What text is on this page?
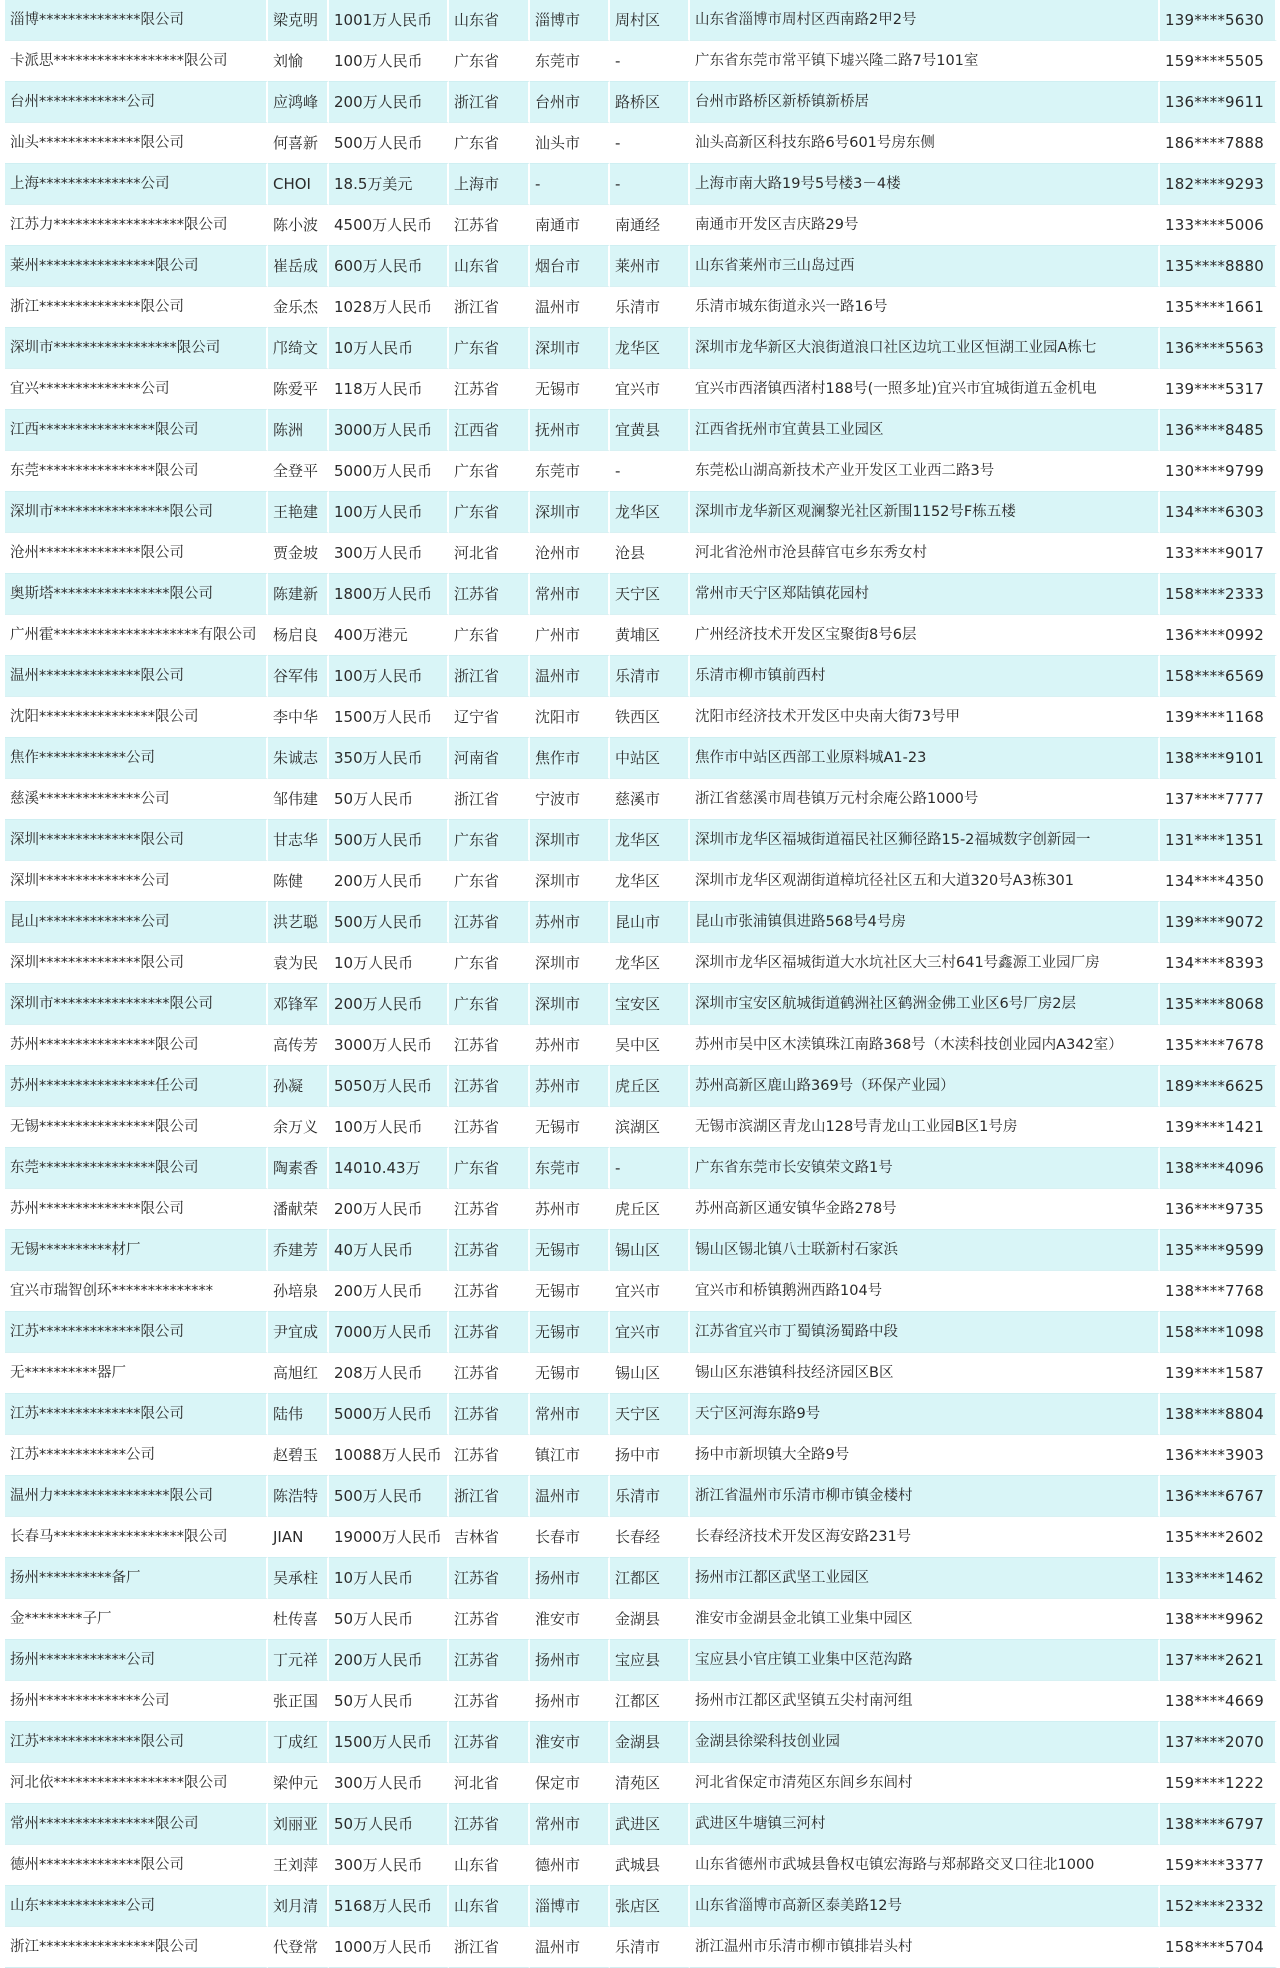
淄博**************限公司	梁克明	1001万人民币	山东省	淄博市	周村区	山东省淄博市周村区西南路2甲2号	139****5630
卡派思******************限公司	刘愉	100万人民币	广东省	东莞市	-	广东省东莞市常平镇下墟兴隆二路7号101室	159****5505
台州************公司	应鸿峰	200万人民币	浙江省	台州市	路桥区	台州市路桥区新桥镇新桥居	136****9611
汕头**************限公司	何喜新	500万人民币	广东省	汕头市	-	汕头高新区科技东路6号601号房东侧	186****7888
上海**************公司	CHOI	18.5万美元	上海市	-	-	上海市南大路19号5号楼3－4楼	182****9293
江苏力******************限公司	陈小波	4500万人民币	江苏省	南通市	南通经	南通市开发区吉庆路29号	133****5006
莱州****************限公司	崔岳成	600万人民币	山东省	烟台市	莱州市	山东省莱州市三山岛过西	135****8880
浙江**************限公司	金乐杰	1028万人民币	浙江省	温州市	乐清市	乐清市城东街道永兴一路16号	135****1661
深圳市*****************限公司	邝绮文	10万人民币	广东省	深圳市	龙华区	深圳市龙华新区大浪街道浪口社区边坑工业区恒湖工业园A栋七	136****5563
宜兴**************公司	陈爱平	118万人民币	江苏省	无锡市	宜兴市	宜兴市西渚镇西渚村188号(一照多址)宜兴市宜城街道五金机电	139****5317
江西****************限公司	陈洲	3000万人民币	江西省	抚州市	宜黄县	江西省抚州市宜黄县工业园区	136****8485
东莞****************限公司	全登平	5000万人民币	广东省	东莞市	-	东莞松山湖高新技术产业开发区工业西二路3号	130****9799
深圳市****************限公司	王艳建	100万人民币	广东省	深圳市	龙华区	深圳市龙华新区观澜黎光社区新围1152号F栋五楼	134****6303
沧州**************限公司	贾金坡	300万人民币	河北省	沧州市	沧县	河北省沧州市沧县薛官屯乡东秀女村	133****9017
奥斯塔****************限公司	陈建新	1800万人民币	江苏省	常州市	天宁区	常州市天宁区郑陆镇花园村	158****2333
广州霍********************有限公司	杨启良	400万港元	广东省	广州市	黄埔区	广州经济技术开发区宝聚街8号6层	136****0992
温州**************限公司	谷军伟	100万人民币	浙江省	温州市	乐清市	乐清市柳市镇前西村	158****6569
沈阳****************限公司	李中华	1500万人民币	辽宁省	沈阳市	铁西区	沈阳市经济技术开发区中央南大街73号甲	139****1168
焦作************公司	朱诚志	350万人民币	河南省	焦作市	中站区	焦作市中站区西部工业原料城A1-23	138****9101
慈溪**************公司	邹伟建	50万人民币	浙江省	宁波市	慈溪市	浙江省慈溪市周巷镇万元村余庵公路1000号	137****7777
深圳**************限公司	甘志华	500万人民币	广东省	深圳市	龙华区	深圳市龙华区福城街道福民社区狮径路15-2福城数字创新园一	131****1351
深圳**************公司	陈健	200万人民币	广东省	深圳市	龙华区	深圳市龙华区观湖街道樟坑径社区五和大道320号A3栋301	134****4350
昆山**************公司	洪艺聪	500万人民币	江苏省	苏州市	昆山市	昆山市张浦镇俱进路568号4号房	139****9072
深圳**************限公司	袁为民	10万人民币	广东省	深圳市	龙华区	深圳市龙华区福城街道大水坑社区大三村641号鑫源工业园厂房	134****8393
深圳市****************限公司	邓锋军	200万人民币	广东省	深圳市	宝安区	深圳市宝安区航城街道鹤洲社区鹤洲金佛工业区6号厂房2层	135****8068
苏州****************限公司	高传芳	3000万人民币	江苏省	苏州市	吴中区	苏州市吴中区木渎镇珠江南路368号（木渎科技创业园内A342室）	135****7678
苏州****************任公司	孙凝	5050万人民币	江苏省	苏州市	虎丘区	苏州高新区鹿山路369号（环保产业园）	189****6625
无锡****************限公司	余万义	100万人民币	江苏省	无锡市	滨湖区	无锡市滨湖区青龙山128号青龙山工业园B区1号房	139****1421
东莞****************限公司	陶素香	14010.43万	广东省	东莞市	-	广东省东莞市长安镇荣文路1号	138****4096
苏州**************限公司	潘献荣	200万人民币	江苏省	苏州市	虎丘区	苏州高新区通安镇华金路278号	136****9735
无锡**********材厂	乔建芳	40万人民币	江苏省	无锡市	锡山区	锡山区锡北镇八士联新村石家浜	135****9599
宜兴市瑞智创环**************	孙培泉	200万人民币	江苏省	无锡市	宜兴市	宜兴市和桥镇鹅洲西路104号	138****7768
江苏**************限公司	尹宜成	7000万人民币	江苏省	无锡市	宜兴市	江苏省宜兴市丁蜀镇汤蜀路中段	158****1098
无**********器厂	高旭红	208万人民币	江苏省	无锡市	锡山区	锡山区东港镇科技经济园区B区	139****1587
江苏**************限公司	陆伟	5000万人民币	江苏省	常州市	天宁区	天宁区河海东路9号	138****8804
江苏************公司	赵碧玉	10088万人民币	江苏省	镇江市	扬中市	扬中市新坝镇大全路9号	136****3903
温州力****************限公司	陈浩特	500万人民币	浙江省	温州市	乐清市	浙江省温州市乐清市柳市镇金楼村	136****6767
长春马******************限公司	JIAN	19000万人民币	吉林省	长春市	长春经	长春经济技术开发区海安路231号	135****2602
扬州**********备厂	吴承柱	10万人民币	江苏省	扬州市	江都区	扬州市江都区武坚工业园区	133****1462
金********子厂	杜传喜	50万人民币	江苏省	淮安市	金湖县	淮安市金湖县金北镇工业集中园区	138****9962
扬州************公司	丁元祥	200万人民币	江苏省	扬州市	宝应县	宝应县小官庄镇工业集中区范沟路	137****2621
扬州**************公司	张正国	50万人民币	江苏省	扬州市	江都区	扬州市江都区武坚镇五尖村南河组	138****4669
江苏**************限公司	丁成红	1500万人民币	江苏省	淮安市	金湖县	金湖县徐梁科技创业园	137****2070
河北依******************限公司	梁仲元	300万人民币	河北省	保定市	清苑区	河北省保定市清苑区东闾乡东闾村	159****1222
常州****************限公司	刘丽亚	50万人民币	江苏省	常州市	武进区	武进区牛塘镇三河村	138****6797
德州**************限公司	王刘萍	300万人民币	山东省	德州市	武城县	山东省德州市武城县鲁权屯镇宏海路与郑郝路交叉口往北1000	159****3377
山东************公司	刘月清	5168万人民币	山东省	淄博市	张店区	山东省淄博市高新区泰美路12号	152****2332
浙江****************限公司	代登常	1000万人民币	浙江省	温州市	乐清市	浙江温州市乐清市柳市镇排岩头村	158****5704
